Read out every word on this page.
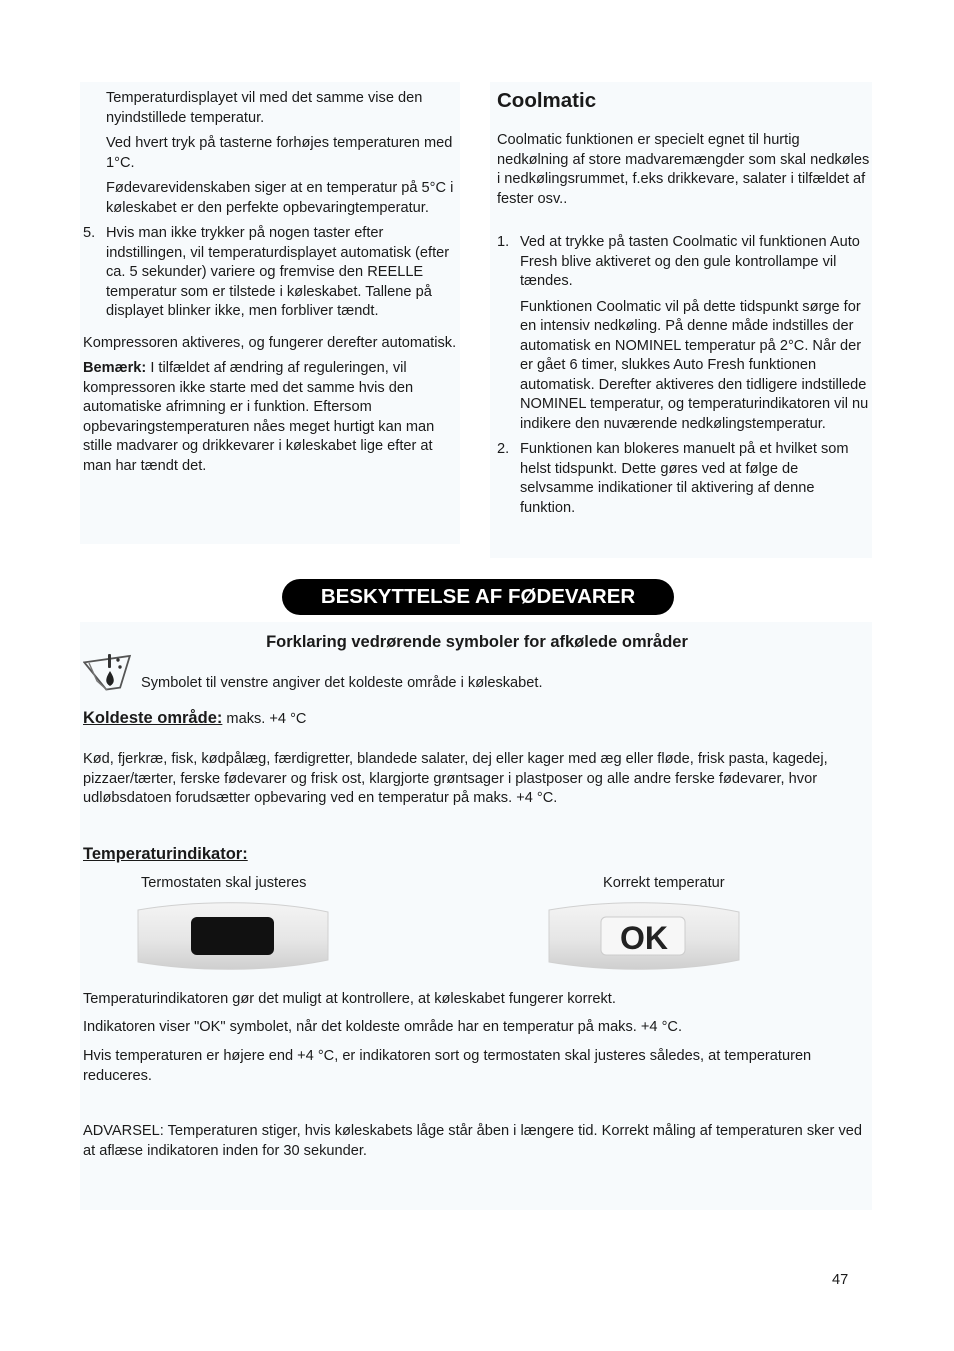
Temperaturdisplayet vil med det samme vise den nyindstillede temperatur.

Ved hvert tryk på tasterne forhøjes temperaturen med 1°C.

Fødevarevidenskaben siger at en temperatur på 5°C i køleskabet er den perfekte opbevaringtemperatur.

5. Hvis man ikke trykker på nogen taster efter indstillingen, vil temperaturdisplayet automatisk (efter ca. 5 sekunder) variere og fremvise den REELLE temperatur som er tilstede i køleskabet. Tallene på displayet blinker ikke, men forbliver tændt.

Kompressoren aktiveres, og fungerer derefter automatisk.

Bemærk: I tilfældet af ændring af reguleringen, vil kompressoren ikke starte med det samme hvis den automatiske afrimning er i funktion. Eftersom opbevaringstemperaturen nåes meget hurtigt kan man stille madvarer og drikkevarer i køleskabet lige efter at man har tændt det.

Coolmatic

Coolmatic funktionen er specielt egnet til hurtig nedkølning af store madvaremængder som skal nedkøles i nedkølingsrummet, f.eks drikkevare, salater i tilfældet af fester osv..

1. Ved at trykke på tasten Coolmatic vil funktionen Auto Fresh blive aktiveret og den gule kontrollampe vil tændes.

Funktionen Coolmatic vil på dette tidspunkt sørge for en intensiv nedkøling. På denne måde indstilles der automatisk en NOMINEL temperatur på 2°C. Når der er gået 6 timer, slukkes Auto Fresh funktionen automatisk. Derefter aktiveres den tidligere indstillede NOMINEL temperatur, og temperaturindikatoren vil nu indikere den nuværende nedkølingstemperatur.

2. Funktionen kan blokeres manuelt på et hvilket som helst tidspunkt. Dette gøres ved at følge de selvsamme indikationer til aktivering af denne funktion.
BESKYTTELSE AF FØDEVARER
Forklaring vedrørende symboler for afkølede områder
Symbolet til venstre angiver det koldeste område i køleskabet.
Koldeste område: maks. +4 °C
Kød, fjerkræ, fisk, kødpålæg, færdigretter, blandede salater, dej eller kager med æg eller fløde, frisk pasta, kagedej, pizzaer/tærter, ferske fødevarer og frisk ost, klargjorte grøntsager i plastposer og alle andre ferske fødevarer, hvor udløbsdatoen forudsætter opbevaring ved en temperatur på maks. +4 °C.
Temperaturindikator:
Termostaten skal justeres	Korrekt temperatur
OK
Temperaturindikatoren gør det muligt at kontrollere, at køleskabet fungerer korrekt.
Indikatoren viser "OK" symbolet, når det koldeste område har en temperatur på maks. +4 °C.
Hvis temperaturen er højere end +4 °C, er indikatoren sort og termostaten skal justeres således, at temperaturen reduceres.
ADVARSEL: Temperaturen stiger, hvis køleskabets låge står åben i længere tid. Korrekt måling af temperaturen sker ved at aflæse indikatoren inden for 30 sekunder.
47
